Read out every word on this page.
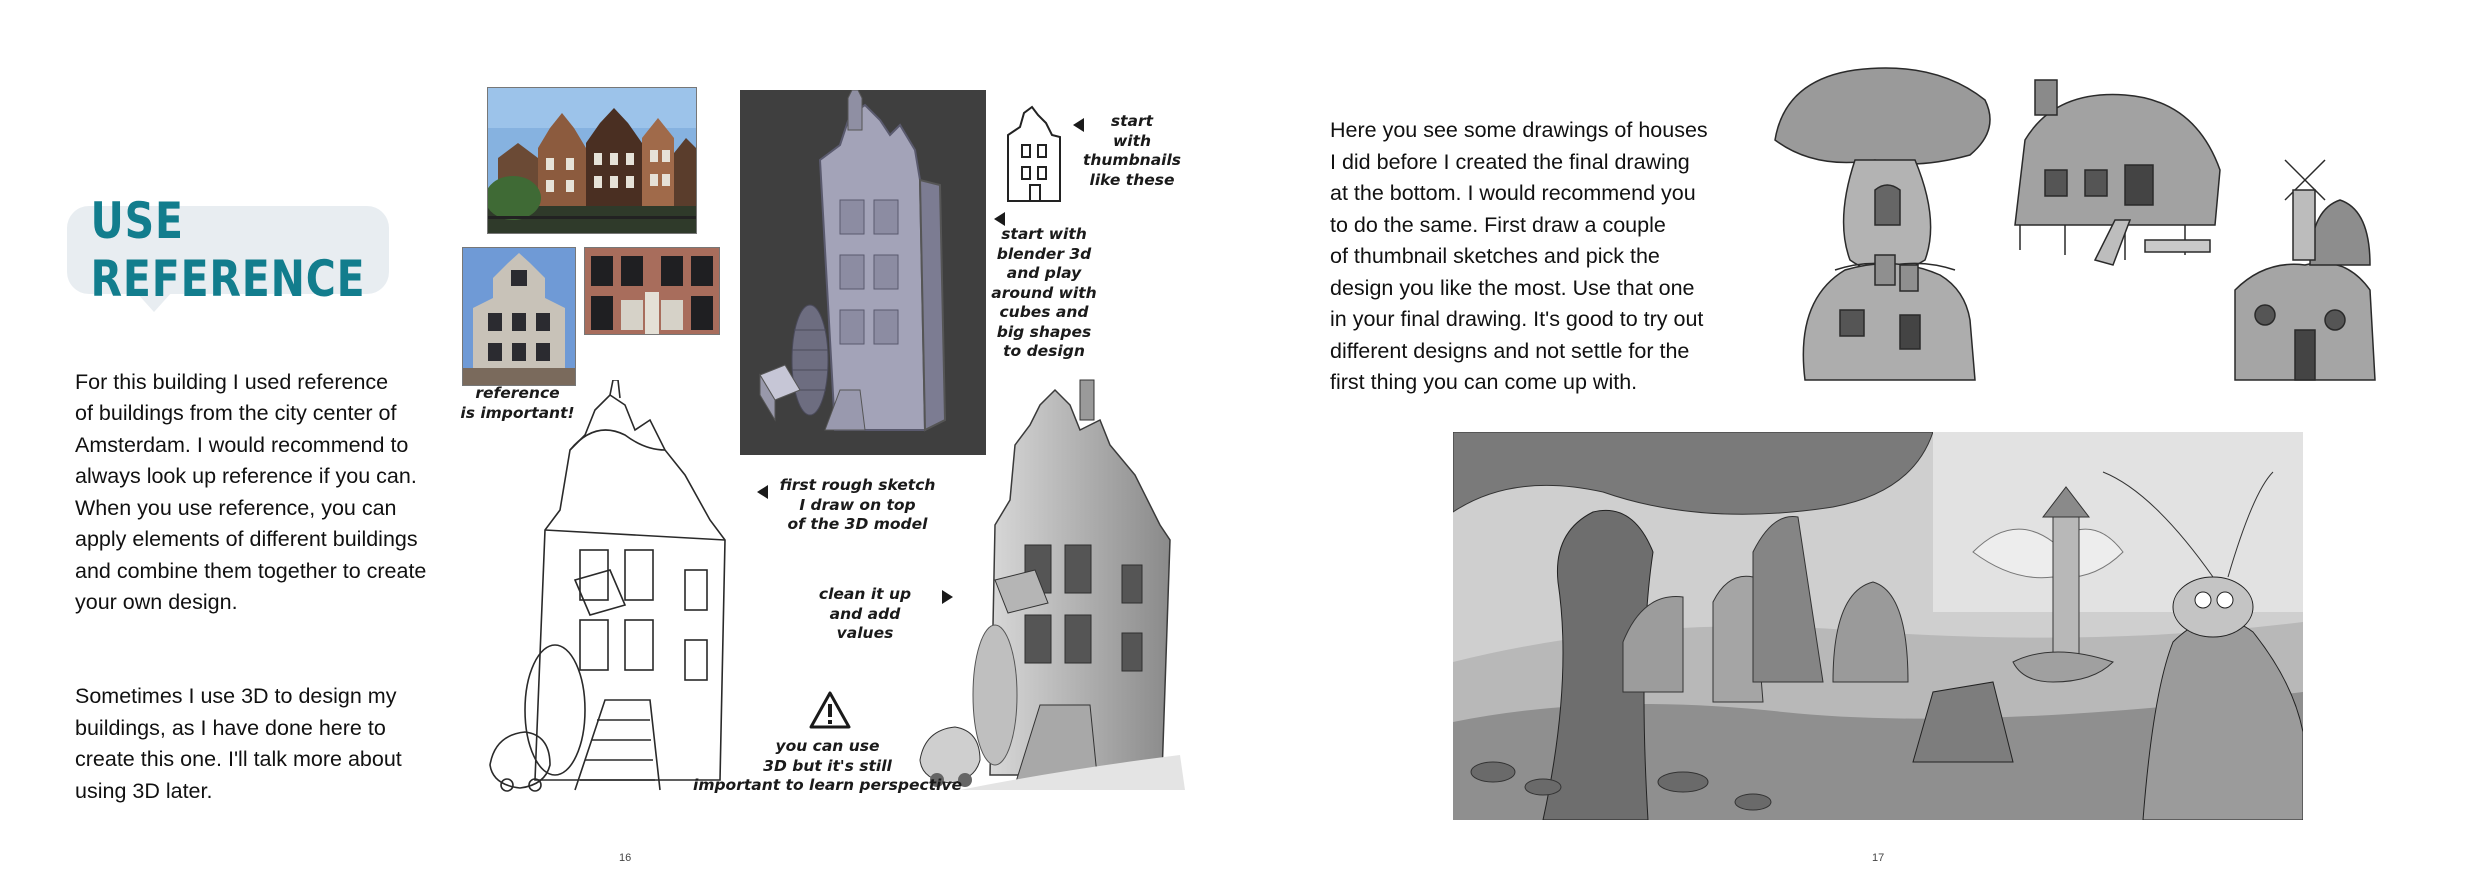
USE REFERENCE

For this building I used reference
of buildings from the city center of
Amsterdam. I would recommend to
always look up reference if you can.
When you use reference, you can
apply elements of different buildings
and combine them together to create
your own design.

Sometimes I use 3D to design my
buildings, as I have done here to
create this one. I'll talk more about
using 3D later.

reference
is important!
start
with
thumbnails
like these
start with
blender 3d
and play
around with
cubes and
big shapes
to design
first rough sketch
I draw on top
of the 3D model
clean it up
and add values
you can use
3D but it's still
important to learn perspective
16
Here you see some drawings of houses
I did before I created the final drawing
at the bottom. I would recommend you
to do the same. First draw a couple
of thumbnail sketches and pick the
design you like the most. Use that one
in your final drawing. It's good to try out
different designs and not settle for the
first thing you can come up with.
17
